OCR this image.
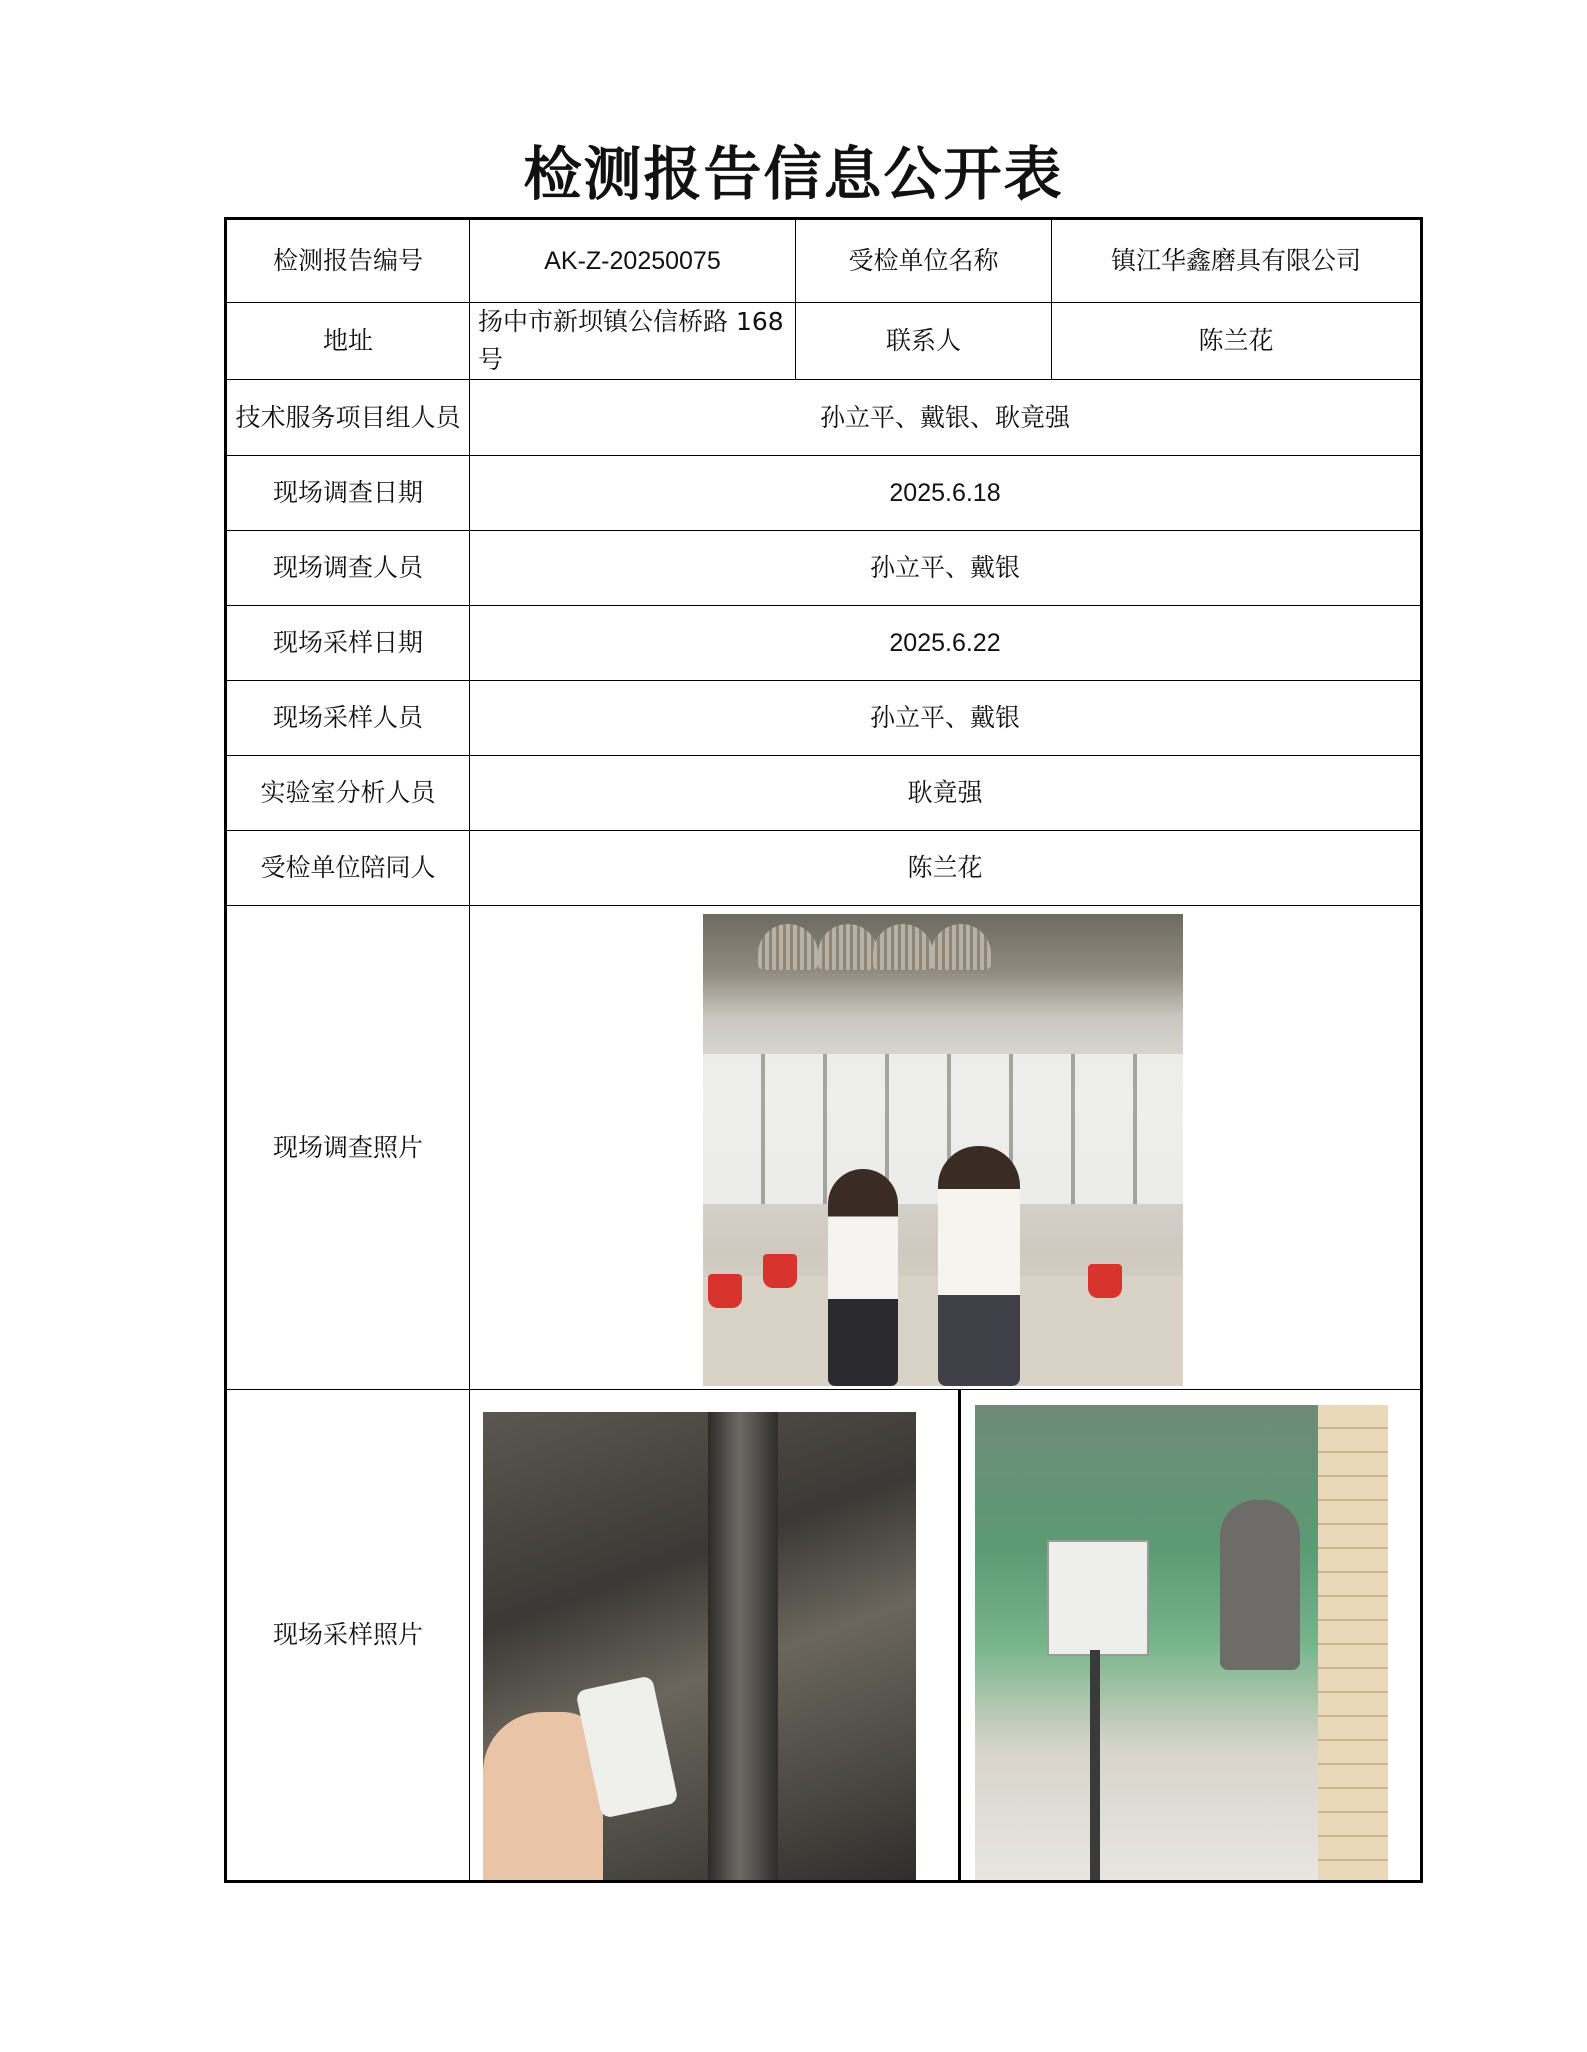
检测报告信息公开表
检测报告编号	AK-Z-20250075	受检单位名称	镇江华鑫磨具有限公司
地址	扬中市新坝镇公信桥路 168 号	联系人	陈兰花
技术服务项目组人员	孙立平、戴银、耿竟强		
现场调查日期	2025.6.18		
现场调查人员	孙立平、戴银		
现场采样日期	2025.6.22		
现场采样人员	孙立平、戴银		
实验室分析人员	耿竟强		
受检单位陪同人	陈兰花		
现场调查照片			

现场采样照片			
